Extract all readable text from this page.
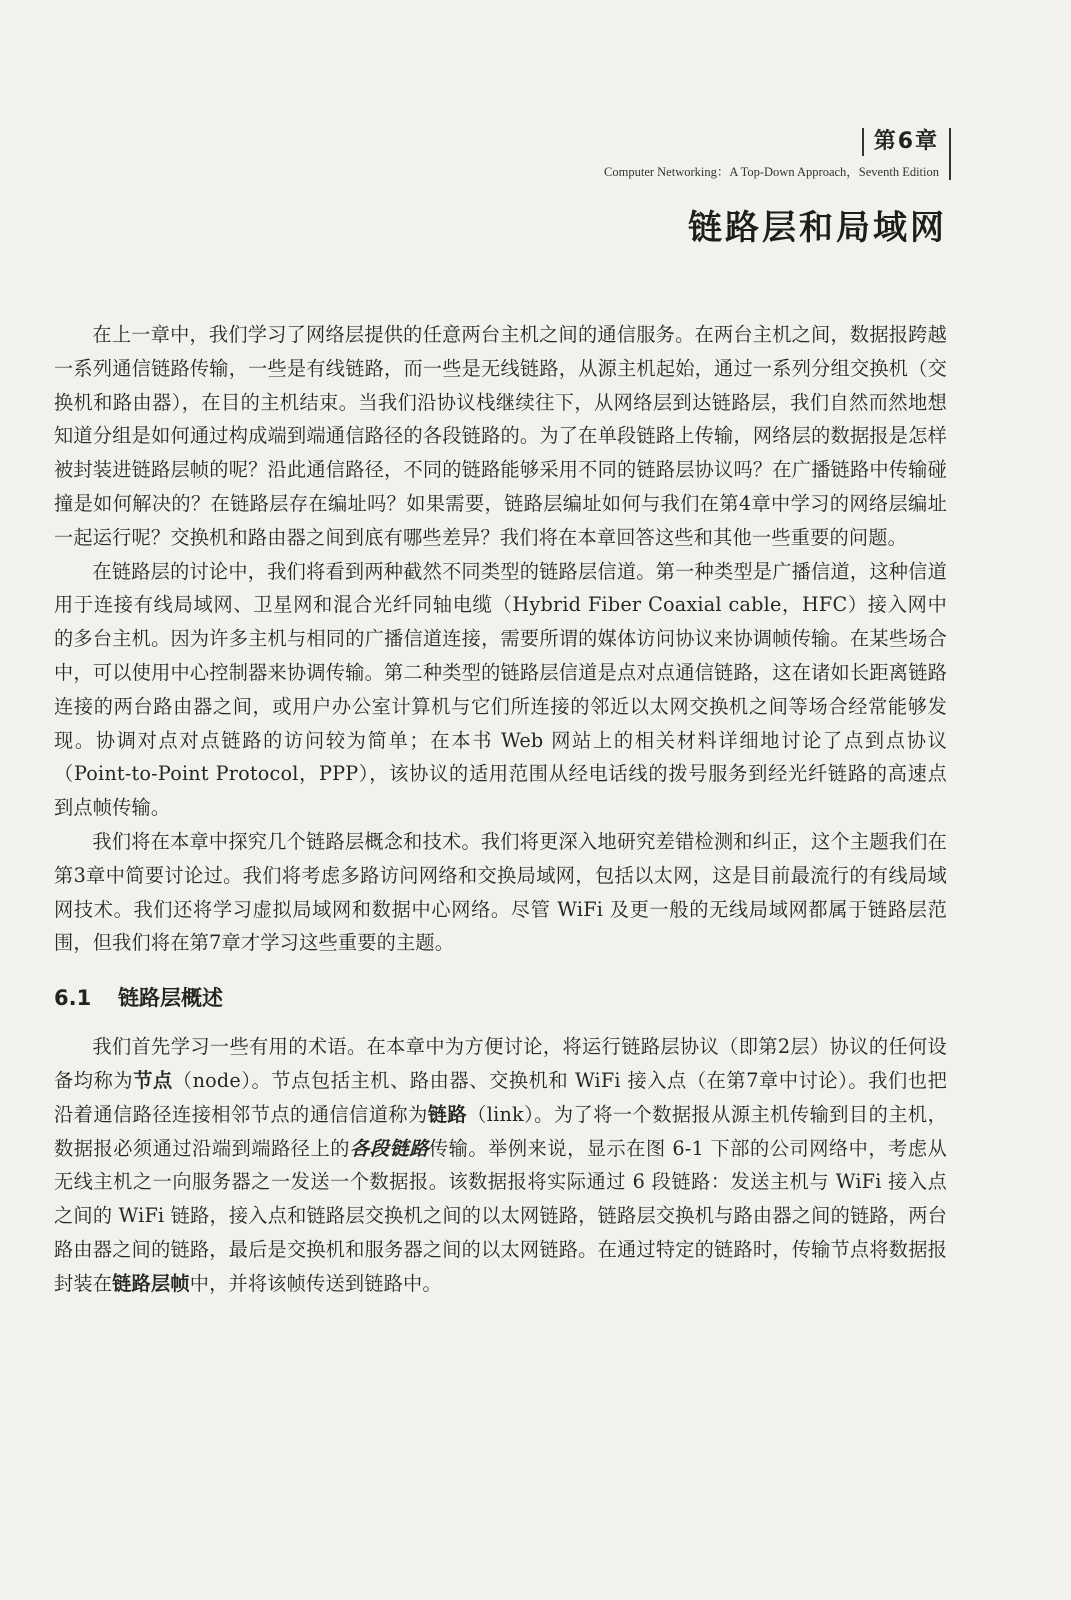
第6章
Computer Networking：A Top-Down Approach，Seventh Edition
链路层和局域网

在上一章中，我们学习了网络层提供的任意两台主机之间的通信服务。在两台主机之间，数据报跨越一系列通信链路传输，一些是有线链路，而一些是无线链路，从源主机起始，通过一系列分组交换机（交换机和路由器），在目的主机结束。当我们沿协议栈继续往下，从网络层到达链路层，我们自然而然地想知道分组是如何通过构成端到端通信路径的各段链路的。为了在单段链路上传输，网络层的数据报是怎样被封装进链路层帧的呢？沿此通信路径，不同的链路能够采用不同的链路层协议吗？在广播链路中传输碰撞是如何解决的？在链路层存在编址吗？如果需要，链路层编址如何与我们在第4章中学习的网络层编址一起运行呢？交换机和路由器之间到底有哪些差异？我们将在本章回答这些和其他一些重要的问题。

在链路层的讨论中，我们将看到两种截然不同类型的链路层信道。第一种类型是广播信道，这种信道用于连接有线局域网、卫星网和混合光纤同轴电缆（Hybrid Fiber Coaxial cable，HFC）接入网中的多台主机。因为许多主机与相同的广播信道连接，需要所谓的媒体访问协议来协调帧传输。在某些场合中，可以使用中心控制器来协调传输。第二种类型的链路层信道是点对点通信链路，这在诸如长距离链路连接的两台路由器之间，或用户办公室计算机与它们所连接的邻近以太网交换机之间等场合经常能够发现。协调对点对点链路的访问较为简单；在本书 Web 网站上的相关材料详细地讨论了点到点协议（Point-to-Point Protocol，PPP），该协议的适用范围从经电话线的拨号服务到经光纤链路的高速点到点帧传输。

我们将在本章中探究几个链路层概念和技术。我们将更深入地研究差错检测和纠正，这个主题我们在第3章中简要讨论过。我们将考虑多路访问网络和交换局域网，包括以太网，这是目前最流行的有线局域网技术。我们还将学习虚拟局域网和数据中心网络。尽管 WiFi 及更一般的无线局域网都属于链路层范围，但我们将在第7章才学习这些重要的主题。

6.1 链路层概述

我们首先学习一些有用的术语。在本章中为方便讨论，将运行链路层协议（即第2层）协议的任何设备均称为节点（node）。节点包括主机、路由器、交换机和 WiFi 接入点（在第7章中讨论）。我们也把沿着通信路径连接相邻节点的通信信道称为链路（link）。为了将一个数据报从源主机传输到目的主机，数据报必须通过沿端到端路径上的各段链路传输。举例来说，显示在图 6-1 下部的公司网络中，考虑从无线主机之一向服务器之一发送一个数据报。该数据报将实际通过 6 段链路：发送主机与 WiFi 接入点之间的 WiFi 链路，接入点和链路层交换机之间的以太网链路，链路层交换机与路由器之间的链路，两台路由器之间的链路，最后是交换机和服务器之间的以太网链路。在通过特定的链路时，传输节点将数据报封装在链路层帧中，并将该帧传送到链路中。
